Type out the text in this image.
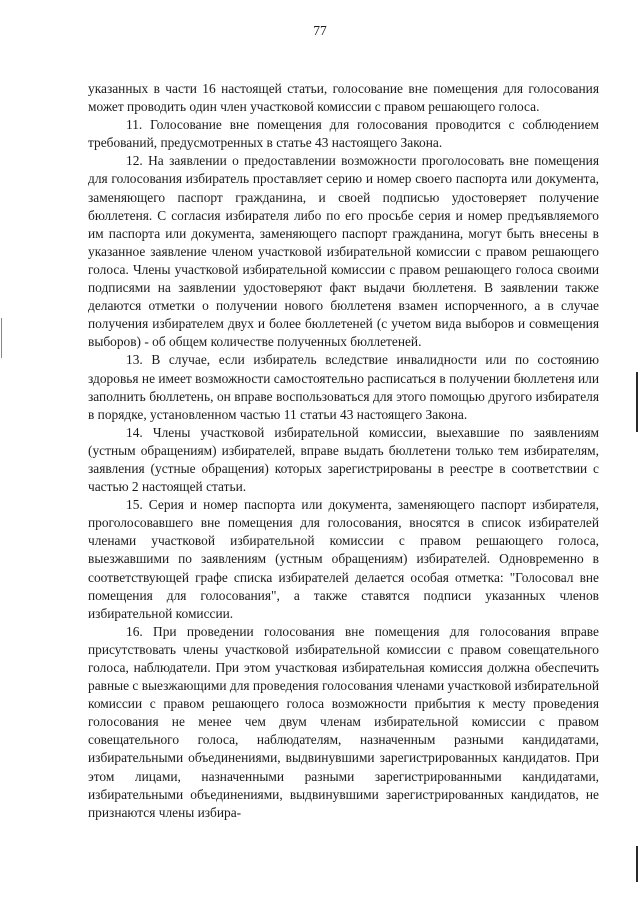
77

указанных в части 16 настоящей статьи, голосование вне помещения для голосования может проводить один член участковой комиссии с правом решающего голоса.

11. Голосование вне помещения для голосования проводится с соблюдением требований, предусмотренных в статье 43 настоящего Закона.

12. На заявлении о предоставлении возможности проголосовать вне помещения для голосования избиратель проставляет серию и номер своего паспорта или документа, заменяющего паспорт гражданина, и своей подписью удостоверяет получение бюллетеня. С согласия избирателя либо по его просьбе серия и номер предъявляемого им паспорта или документа, заменяющего паспорт гражданина, могут быть внесены в указанное заявление членом участковой избирательной комиссии с правом решающего голоса. Члены участковой избирательной комиссии с правом решающего голоса своими подписями на заявлении удостоверяют факт выдачи бюллетеня. В заявлении также делаются отметки о получении нового бюллетеня взамен испорченного, а в случае получения избирателем двух и более бюллетеней (с учетом вида выборов и совмещения выборов) - об общем количестве полученных бюллетеней.

13. В случае, если избиратель вследствие инвалидности или по состоянию здоровья не имеет возможности самостоятельно расписаться в получении бюллетеня или заполнить бюллетень, он вправе воспользоваться для этого помощью другого избирателя в порядке, установленном частью 11 статьи 43 настоящего Закона.

14. Члены участковой избирательной комиссии, выехавшие по заявлениям (устным обращениям) избирателей, вправе выдать бюллетени только тем избирателям, заявления (устные обращения) которых зарегистрированы в реестре в соответствии с частью 2 настоящей статьи.

15. Серия и номер паспорта или документа, заменяющего паспорт избирателя, проголосовавшего вне помещения для голосования, вносятся в список избирателей членами участковой избирательной комиссии с правом решающего голоса, выезжавшими по заявлениям (устным обращениям) избирателей. Одновременно в соответствующей графе списка избирателей делается особая отметка: "Голосовал вне помещения для голосования", а также ставятся подписи указанных членов избирательной комиссии.

16. При проведении голосования вне помещения для голосования вправе присутствовать члены участковой избирательной комиссии с правом совещательного голоса, наблюдатели. При этом участковая избирательная комиссия должна обеспечить равные с выезжающими для проведения голосования членами участковой избирательной комиссии с правом решающего голоса возможности прибытия к месту проведения голосования не менее чем двум членам избирательной комиссии с правом совещательного голоса, наблюдателям, назначенным разными кандидатами, избирательными объединениями, выдвинувшими зарегистрированных кандидатов. При этом лицами, назначенными разными зарегистрированными кандидатами, избирательными объединениями, выдвинувшими зарегистрированных кандидатов, не признаются члены избира-
